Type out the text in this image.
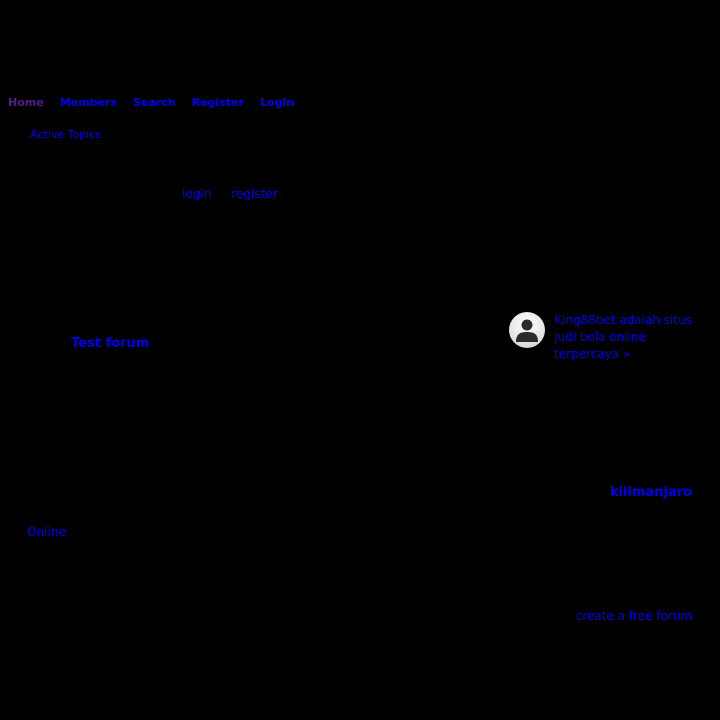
Home Members Search Register Login
Active Topics
login register
Test forum
King88bet adalah situs judi bola online terpercaya »
kilimanjaro
Online
create a free forum
